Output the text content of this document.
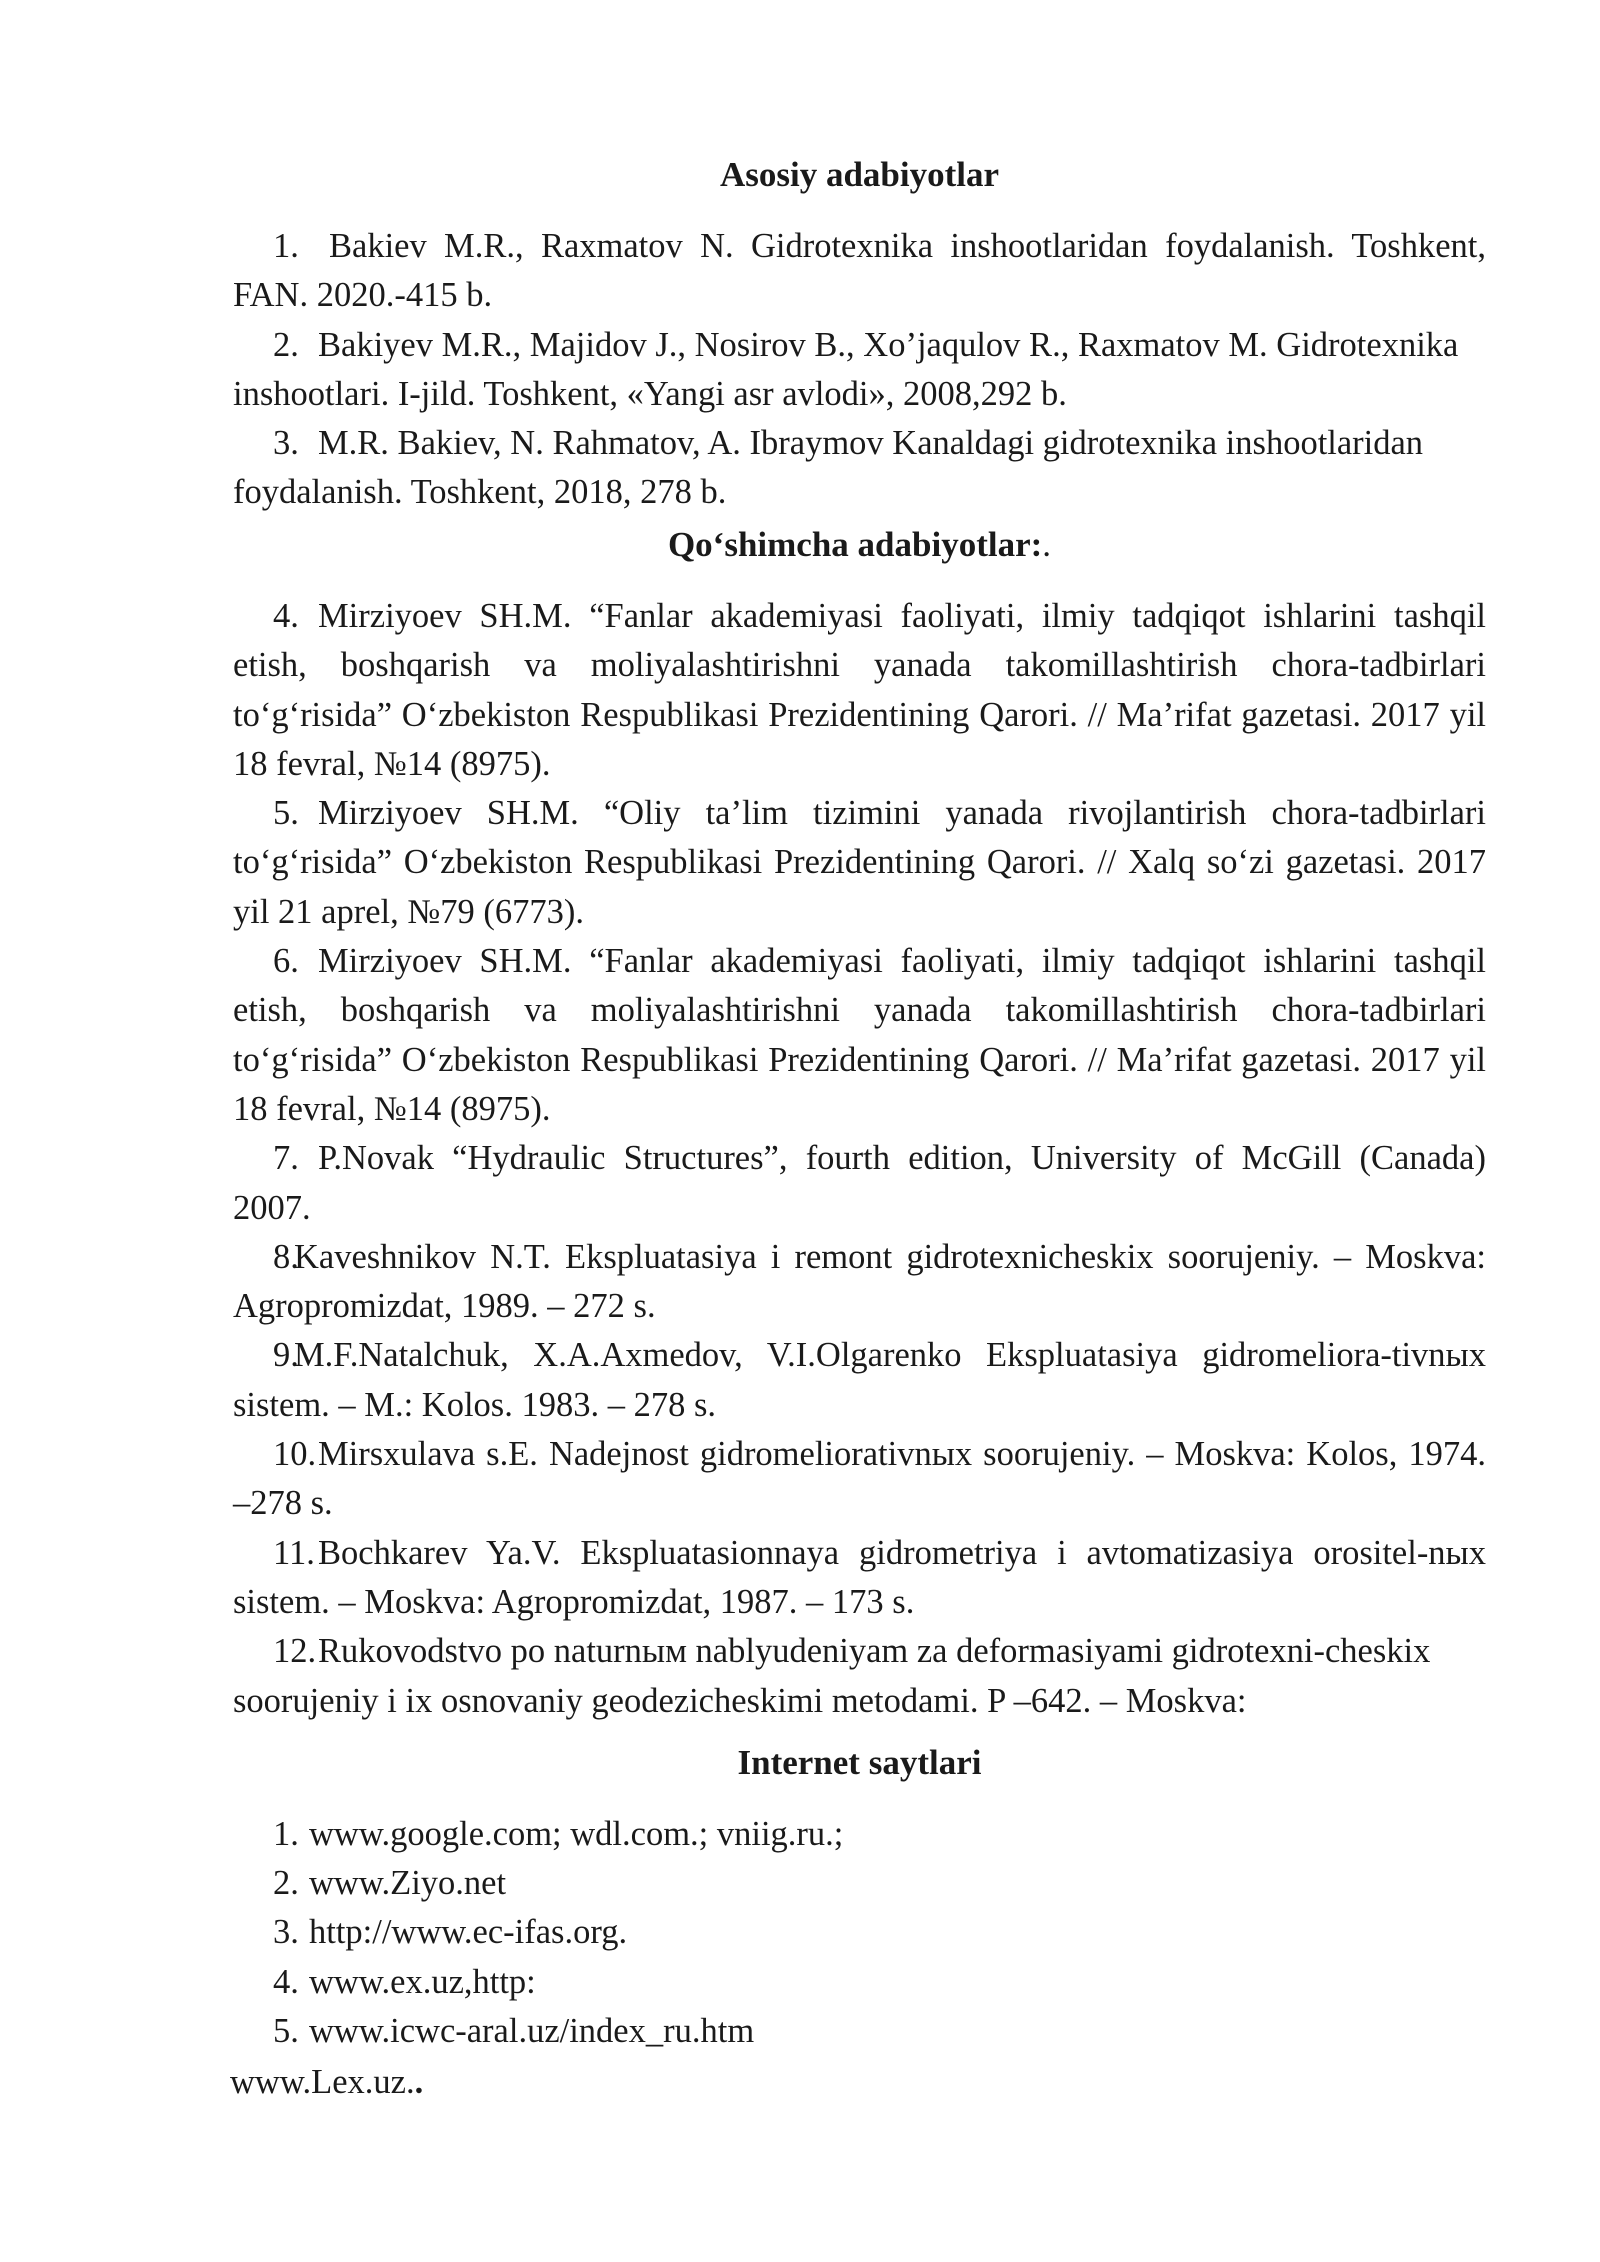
Asosiy adabiyotlar
1. Bakiev M.R., Raxmatov N. Gidrotexnika inshootlaridan foydalanish. Toshkent, FAN. 2020.-415 b.
2. Bakiyev M.R., Majidov J., Nosirov B., Xo’jaqulov R., Raxmatov M. Gidrotexnika inshootlari. I-jild. Toshkent, «Yangi asr avlodi», 2008,292 b.
3. M.R. Bakiev, N. Rahmatov, A. Ibraymov Kanaldagi gidrotexnika inshootlaridan foydalanish. Toshkent, 2018, 278 b.
Qo‘shimcha adabiyotlar:.
4. Mirziyoev SH.M. “Fanlar akademiyasi faoliyati, ilmiy tadqiqot ishlarini tashqil etish, boshqarish va moliyalashtirishni yanada takomillashtirish chora-tadbirlari to‘g‘risida” O‘zbekiston Respublikasi Prezidentining Qarori. // Ma’rifat gazetasi. 2017 yil 18 fevral, №14 (8975).
5. Mirziyoev SH.M. “Oliy ta’lim tizimini yanada rivojlantirish chora-tadbirlari to‘g‘risida” O‘zbekiston Respublikasi Prezidentining Qarori. // Xalq so‘zi gazetasi. 2017 yil 21 aprel, №79 (6773).
6. Mirziyoev SH.M. “Fanlar akademiyasi faoliyati, ilmiy tadqiqot ishlarini tashqil etish, boshqarish va moliyalashtirishni yanada takomillashtirish chora-tadbirlari to‘g‘risida” O‘zbekiston Respublikasi Prezidentining Qarori. // Ma’rifat gazetasi. 2017 yil 18 fevral, №14 (8975).
7. P.Novak “Hydraulic Structures”, fourth edition, University of McGill (Canada) 2007.
8.Kaveshnikov N.T. Ekspluatasiya i remont gidrotexnicheskix soorujeniy. – Moskva: Agropromizdat, 1989. – 272 s.
9.M.F.Natalchuk, X.A.Axmedov, V.I.Olgarenko Ekspluatasiya gidromeliora-tivnых sistem. – M.: Kolos. 1983. – 278 s.
10.Mirsxulava s.E. Nadejnost gidromeliorativnых soorujeniy. – Moskva: Kolos, 1974. –278 s.
11.Bochkarev Ya.V. Ekspluatasionnaya gidrometriya i avtomatizasiya orositel-nых sistem. – Moskva: Agropromizdat, 1987. – 173 s.
12.Rukovodstvo po naturnым nablyudeniyam za deformasiyami gidrotexni-cheskix soorujeniy i ix osnovaniy geodezicheskimi metodami. P –642. – Moskva:
Internet saytlari
1. www.google.com; wdl.com.; vniig.ru.;
2. www.Ziyo.net
3. http://www.ec-ifas.org.
4. www.ex.uz,http:
5. www.icwc-aral.uz/index_ru.htm

www.Lex.uz..
